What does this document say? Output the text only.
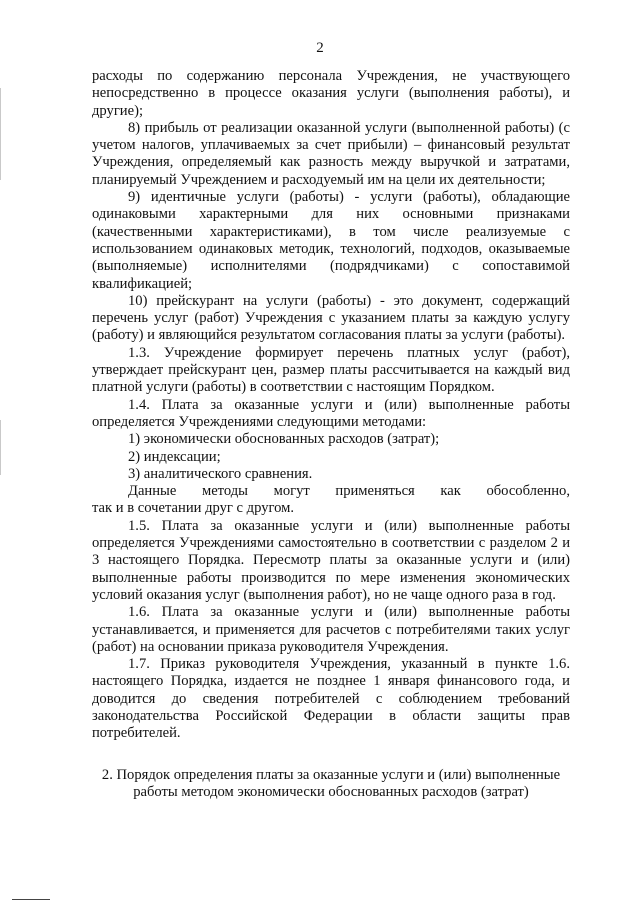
2

расходы по содержанию персонала Учреждения, не участвующего непосредственно в процессе оказания услуги (выполнения работы), и другие);

8) прибыль от реализации оказанной услуги (выполненной работы) (с учетом налогов, уплачиваемых за счет прибыли) – финансовый результат Учреждения, определяемый как разность между выручкой и затратами, планируемый Учреждением и расходуемый им на цели их деятельности;

9) идентичные услуги (работы) - услуги (работы), обладающие одинаковыми характерными для них основными признаками (качественными характеристиками), в том числе реализуемые с использованием одинаковых методик, технологий, подходов, оказываемые (выполняемые) исполнителями (подрядчиками) с сопоставимой квалификацией;

10) прейскурант на услуги (работы) - это документ, содержащий перечень услуг (работ) Учреждения с указанием платы за каждую услугу (работу) и являющийся результатом согласования платы за услуги (работы).

1.3. Учреждение формирует перечень платных услуг (работ), утверждает прейскурант цен, размер платы рассчитывается на каждый вид платной услуги (работы) в соответствии с настоящим Порядком.

1.4. Плата за оказанные услуги и (или) выполненные работы определяется Учреждениями следующими методами:

1) экономически обоснованных расходов (затрат);

2) индексации;

3) аналитического сравнения.

Данные методы могут применяться как обособленно,

так и в сочетании друг с другом.

1.5. Плата за оказанные услуги и (или) выполненные работы определяется Учреждениями самостоятельно в соответствии с разделом 2 и 3 настоящего Порядка. Пересмотр платы за оказанные услуги и (или) выполненные работы производится по мере изменения экономических условий оказания услуг (выполнения работ), но не чаще одного раза в год.

1.6. Плата за оказанные услуги и (или) выполненные работы устанавливается, и применяется для расчетов с потребителями таких услуг (работ) на основании приказа руководителя Учреждения.

1.7. Приказ руководителя Учреждения, указанный в пункте 1.6. настоящего Порядка, издается не позднее 1 января финансового года, и доводится до сведения потребителей с соблюдением требований законодательства Российской Федерации в области защиты прав потребителей.

2. Порядок определения платы за оказанные услуги и (или) выполненные работы методом экономически обоснованных расходов (затрат)
